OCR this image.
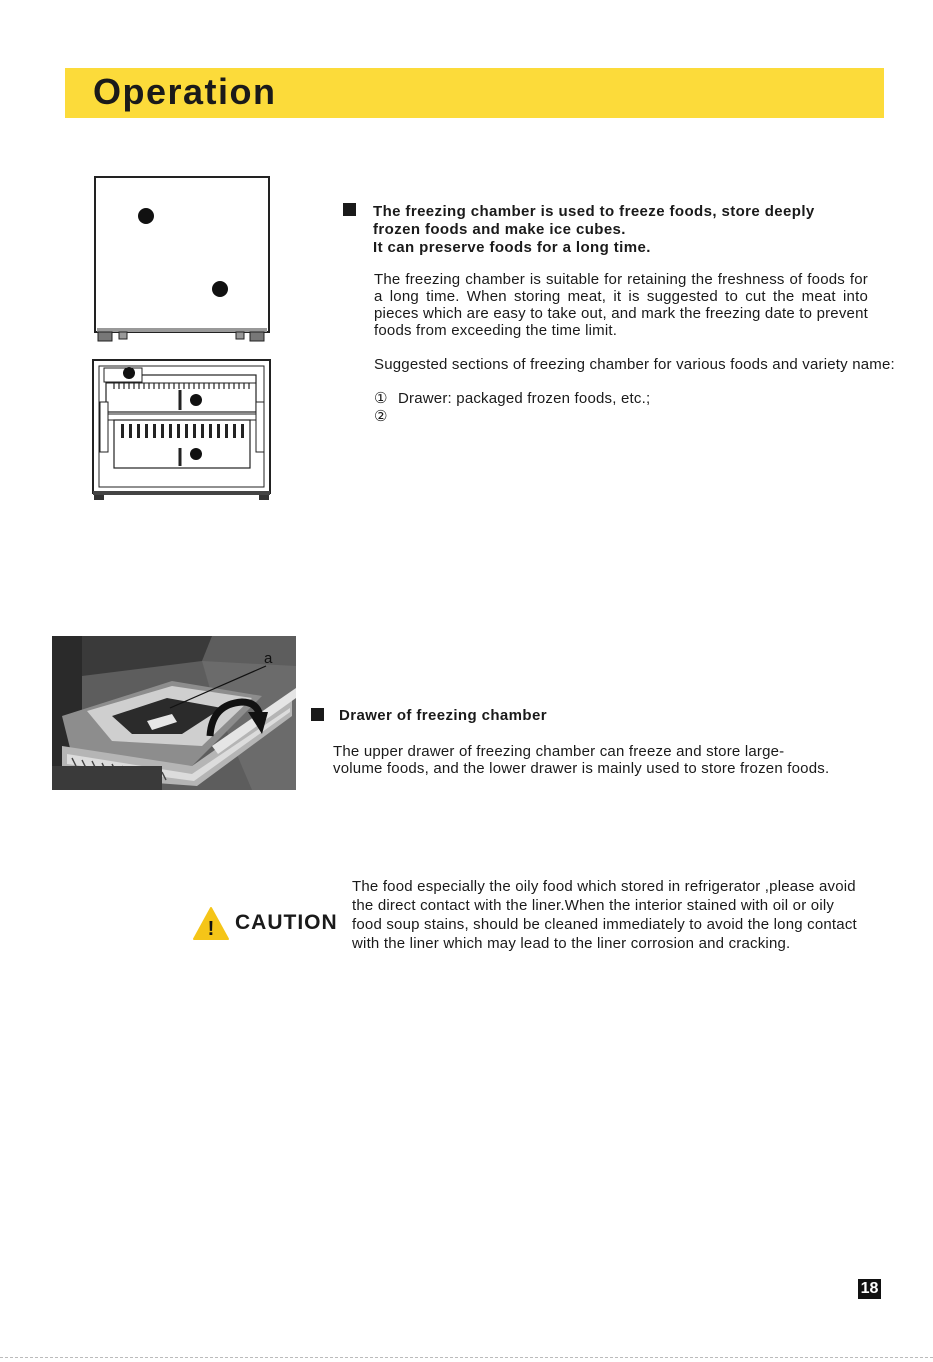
Operation
The freezing chamber is used to freeze foods, store deeply
frozen foods and make ice cubes.
It can preserve foods for a long time.
The freezing chamber is suitable for retaining the freshness of foods for a long time. When storing meat, it is suggested to cut the meat into pieces which are easy to take out, and mark the freezing date to prevent foods from exceeding the time limit.
Suggested sections of freezing chamber for various foods and variety name:
① Drawer: packaged frozen foods, etc.;
②
a
Drawer of freezing chamber
The upper drawer of freezing chamber can freeze and store large-volume foods, and the lower drawer is mainly used to store frozen foods.
! CAUTION
The food especially the oily food which stored in refrigerator ,please avoid the direct contact with the liner.When the interior stained with oil or oily food soup stains, should be cleaned immediately to avoid the long contact with the liner which may lead to the liner corrosion and cracking.
18
